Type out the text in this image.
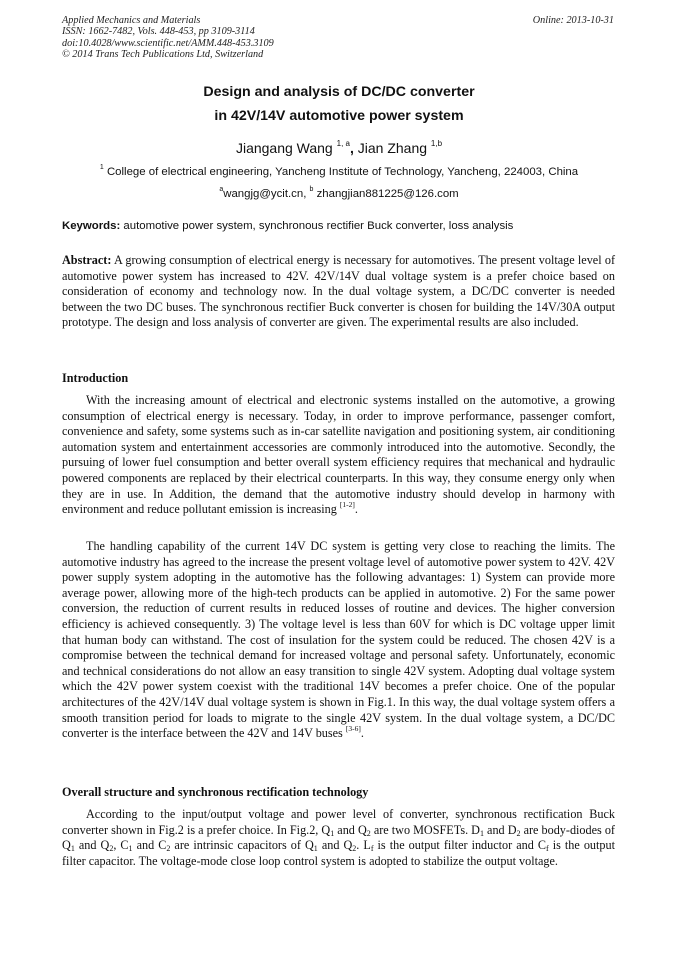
Applied Mechanics and Materials
ISSN: 1662-7482, Vols. 448-453, pp 3109-3114
doi:10.4028/www.scientific.net/AMM.448-453.3109
© 2014 Trans Tech Publications Ltd, Switzerland
Online: 2013-10-31
Design and analysis of DC/DC converter
in 42V/14V automotive power system
Jiangang Wang $^{1, a}$, Jian Zhang $^{1,b}$
$^1$ College of electrical engineering, Yancheng Institute of Technology, Yancheng, 224003, China
$^a$wangjg@ycit.cn, $^b$ zhangjian881225@126.com
Keywords: automotive power system, synchronous rectifier Buck converter, loss analysis
Abstract: A growing consumption of electrical energy is necessary for automotives. The present voltage level of automotive power system has increased to 42V. 42V/14V dual voltage system is a prefer choice based on consideration of economy and technology now. In the dual voltage system, a DC/DC converter is needed between the two DC buses. The synchronous rectifier Buck converter is chosen for building the 14V/30A output prototype. The design and loss analysis of converter are given. The experimental results are also included.
Introduction
With the increasing amount of electrical and electronic systems installed on the automotive, a growing consumption of electrical energy is necessary. Today, in order to improve performance, passenger comfort, convenience and safety, some systems such as in-car satellite navigation and positioning system, air conditioning automation system and entertainment accessories are commonly introduced into the automotive. Secondly, the pursuing of lower fuel consumption and better overall system efficiency requires that mechanical and hydraulic powered components are replaced by their electrical counterparts. In this way, they consume energy only when they are in use. In Addition, the demand that the automotive industry should develop in harmony with environment and reduce pollutant emission is increasing [1-2].
The handling capability of the current 14V DC system is getting very close to reaching the limits. The automotive industry has agreed to the increase the present voltage level of automotive power system to 42V. 42V power supply system adopting in the automotive has the following advantages: 1) System can provide more average power, allowing more of the high-tech products can be applied in automotive. 2) For the same power conversion, the reduction of current results in reduced losses of routine and devices. The higher conversion efficiency is achieved consequently. 3) The voltage level is less than 60V for which is DC voltage upper limit that human body can withstand. The cost of insulation for the system could be reduced. The chosen 42V is a compromise between the technical demand for increased voltage and personal safety. Unfortunately, economic and technical considerations do not allow an easy transition to single 42V system. Adopting dual voltage system which the 42V power system coexist with the traditional 14V becomes a prefer choice. One of the popular architectures of the 42V/14V dual voltage system is shown in Fig.1. In this way, the dual voltage system offers a smooth transition period for loads to migrate to the single 42V system. In the dual voltage system, a DC/DC converter is the interface between the 42V and 14V buses [3-6].
Overall structure and synchronous rectification technology
According to the input/output voltage and power level of converter, synchronous rectification Buck converter shown in Fig.2 is a prefer choice. In Fig.2, $Q_1$ and $Q_2$ are two MOSFETs. $D_1$ and $D_2$ are body-diodes of $Q_1$ and $Q_2$, $C_1$ and $C_2$ are intrinsic capacitors of $Q_1$ and $Q_2$. $L_f$ is the output filter inductor and $C_f$ is the output filter capacitor. The voltage-mode close loop control system is adopted to stabilize the output voltage.
